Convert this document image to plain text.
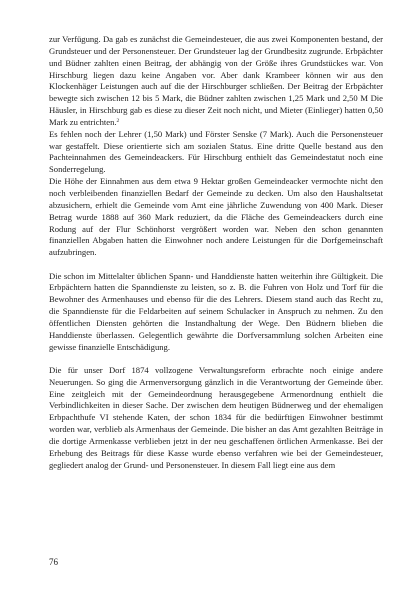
zur Verfügung. Da gab es zunächst die Gemeindesteuer, die aus zwei Komponenten bestand, der Grundsteuer und der Personensteuer. Der Grundsteuer lag der Grundbesitz zugrunde. Erbpächter und Büdner zahlten einen Beitrag, der abhängig von der Größe ihres Grundstückes war. Von Hirschburg liegen dazu keine Angaben vor. Aber dank Krambeer können wir aus den Klockenhäger Leistungen auch auf die der Hirschburger schließen. Der Beitrag der Erbpächter bewegte sich zwischen 12 bis 5 Mark, die Büdner zahlten zwischen 1,25 Mark und 2,50 M Die Häusler, in Hirschburg gab es diese zu dieser Zeit noch nicht, und Mieter (Einlieger) hatten 0,50 Mark zu entrichten.$^2$

Es fehlen noch der Lehrer (1,50 Mark) und Förster Senske (7 Mark). Auch die Personensteuer war gestaffelt. Diese orientierte sich am sozialen Status. Eine dritte Quelle bestand aus den Pachteinnahmen des Gemeindeackers. Für Hirschburg enthielt das Gemeindestatut noch eine Sonderregelung.

Die Höhe der Einnahmen aus dem etwa 9 Hektar großen Gemeindeacker vermochte nicht den noch verbleibenden finanziellen Bedarf der Gemeinde zu decken. Um also den Haushaltsetat abzusichern, erhielt die Gemeinde vom Amt eine jährliche Zuwendung von 400 Mark. Dieser Betrag wurde 1888 auf 360 Mark reduziert, da die Fläche des Gemeindeackers durch eine Rodung auf der Flur Schönhorst vergrößert worden war. Neben den schon genannten finanziellen Abgaben hatten die Einwohner noch andere Leistungen für die Dorfgemeinschaft aufzubringen.

Die schon im Mittelalter üblichen Spann- und Handdienste hatten weiterhin ihre Gültigkeit. Die Erbpächtern hatten die Spanndienste zu leisten, so z. B. die Fuhren von Holz und Torf für die Bewohner des Armenhauses und ebenso für die des Lehrers. Diesem stand auch das Recht zu, die Spanndienste für die Feldarbeiten auf seinem Schulacker in Anspruch zu nehmen. Zu den öffentlichen Diensten gehörten die Instandhaltung der Wege. Den Büdnern blieben die Handdienste überlassen. Gelegentlich gewährte die Dorfversammlung solchen Arbeiten eine gewisse finanzielle Entschädigung.

Die für unser Dorf 1874 vollzogene Verwaltungsreform erbrachte noch einige andere Neuerungen. So ging die Armenversorgung gänzlich in die Verantwortung der Gemeinde über. Eine zeitgleich mit der Gemeindeordnung herausgegebene Armenordnung enthielt die Verbindlichkeiten in dieser Sache. Der zwischen dem heutigen Büdnerweg und der ehemaligen Erbpachthufe VI stehende Katen, der schon 1834 für die bedürftigen Einwohner bestimmt worden war, verblieb als Armenhaus der Gemeinde. Die bisher an das Amt gezahlten Beiträge in die dortige Armenkasse verblieben jetzt in der neu geschaffenen örtlichen Armenkasse. Bei der Erhebung des Beitrags für diese Kasse wurde ebenso verfahren wie bei der Gemeindesteuer, gegliedert analog der Grund- und Personensteuer. In diesem Fall liegt eine aus dem

76
